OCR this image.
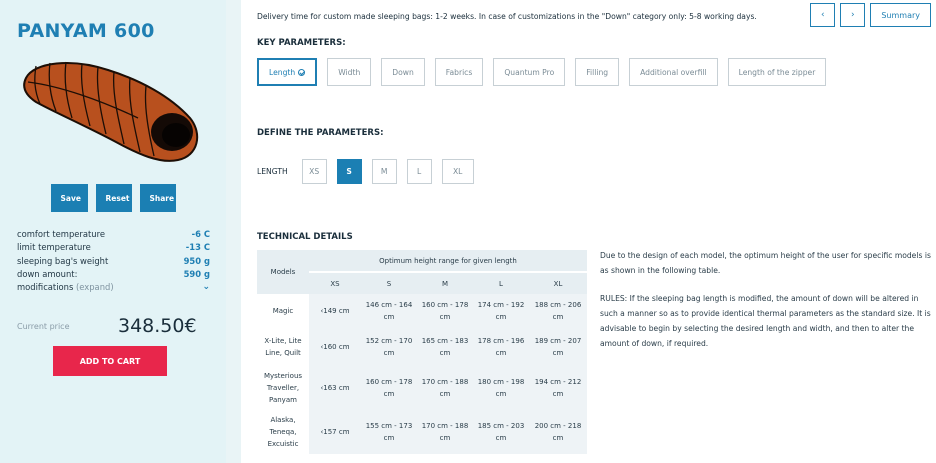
PANYAM 600
Save	Reset	Share
comfort temperature	-6 C
limit temperature	-13 C
sleeping bag's weight	950 g
down amount:	590 g
modifications (expand)	⌄
Current price	348.50€
ADD TO CART
Delivery time for custom made sleeping bags: 1-2 weeks. In case of customizations in the "Down" category only: 5-8 working days.	‹	›	Summary
KEY PARAMETERS:
Length	Width	Down	Fabrics	Quantum Pro	Filling	Additional overfill	Length of the zipper
DEFINE THE PARAMETERS:
LENGTH	XS	S	M	L	XL
TECHNICAL DETAILS
Models	Optimum height range for given length				
	XS	S	M	L	XL
Magic	‹149 cm	146 cm - 164 cm	160 cm - 178 cm	174 cm - 192 cm	188 cm - 206 cm
X-Lite, Lite Line, Quilt	‹160 cm	152 cm - 170 cm	165 cm - 183 cm	178 cm - 196 cm	189 cm - 207 cm
Mysterious Traveller, Panyam	‹163 cm	160 cm - 178 cm	170 cm - 188 cm	180 cm - 198 cm	194 cm - 212 cm
Alaska, Teneqa, Excuistic	‹157 cm	155 cm - 173 cm	170 cm - 188 cm	185 cm - 203 cm	200 cm - 218 cm

Due to the design of each model, the optimum height of the user for specific models is as shown in the following table.

RULES: If the sleeping bag length is modified, the amount of down will be altered in such a manner so as to provide identical thermal parameters as the standard size. It is advisable to begin by selecting the desired length and width, and then to alter the amount of down, if required.
